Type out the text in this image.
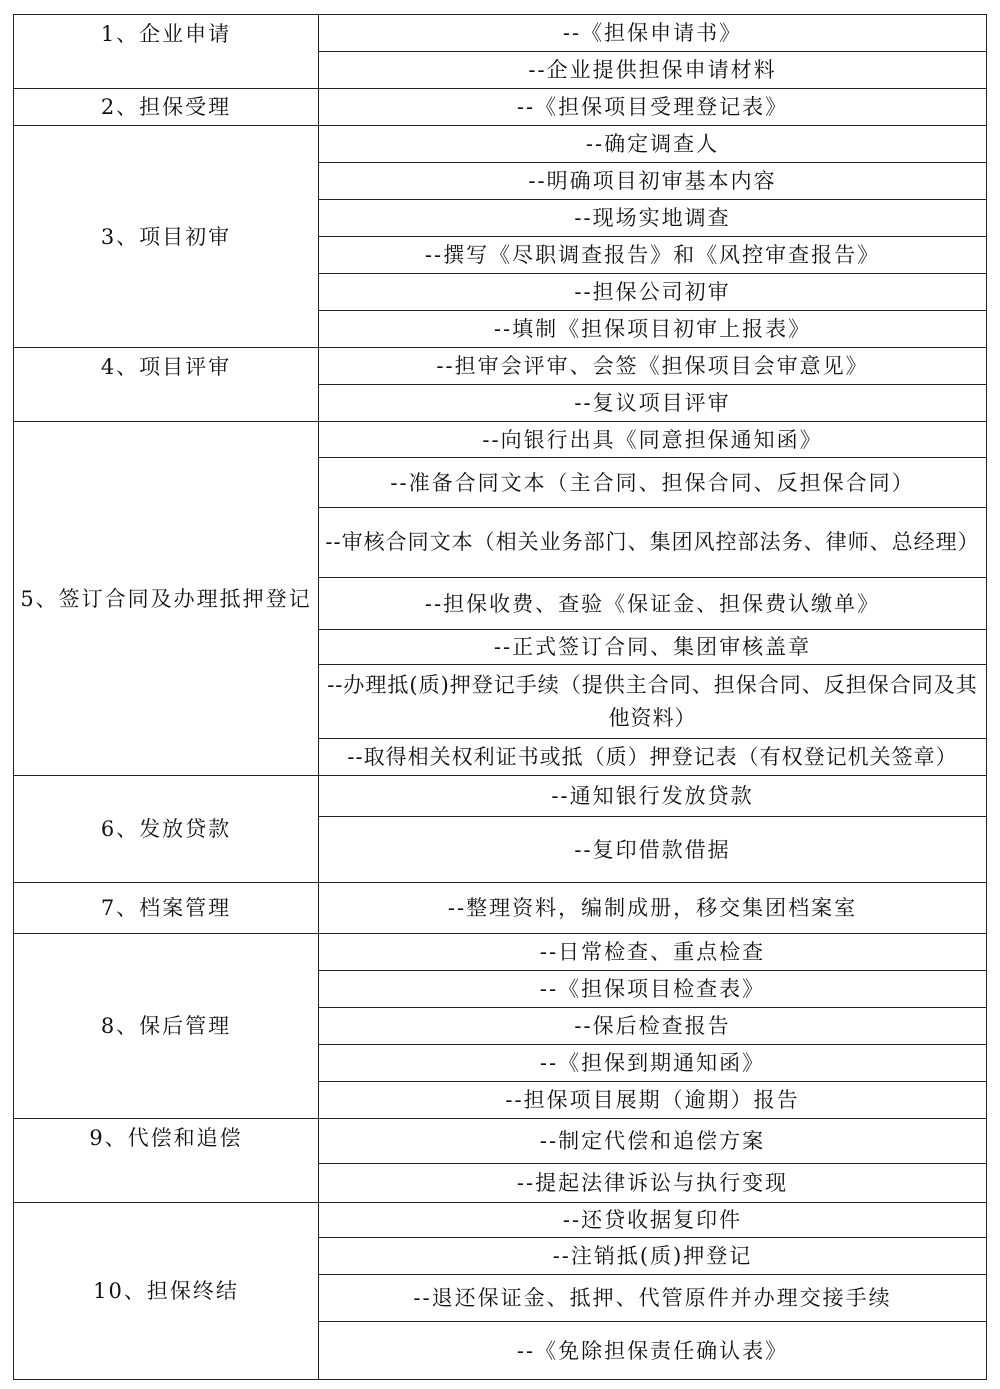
1、企业申请	--《担保申请书》
	--企业提供担保申请材料
2、担保受理	--《担保项目受理登记表》
3、项目初审	--确定调查人
	--明确项目初审基本内容
	--现场实地调查
	--撰写《尽职调查报告》和《风控审查报告》
	--担保公司初审
	--填制《担保项目初审上报表》
4、项目评审	--担审会评审、会签《担保项目会审意见》
	--复议项目评审
5、签订合同及办理抵押登记	--向银行出具《同意担保通知函》
	--准备合同文本（主合同、担保合同、反担保合同）
	--审核合同文本（相关业务部门、集团风控部法务、律师、总经理）
	--担保收费、查验《保证金、担保费认缴单》
	--正式签订合同、集团审核盖章
	--办理抵(质)押登记手续（提供主合同、担保合同、反担保合同及其他资料）
	--取得相关权利证书或抵（质）押登记表（有权登记机关签章）
6、发放贷款	--通知银行发放贷款
	--复印借款借据
7、档案管理	--整理资料，编制成册，移交集团档案室
8、保后管理	--日常检查、重点检查
	--《担保项目检查表》
	--保后检查报告
	--《担保到期通知函》
	--担保项目展期（逾期）报告
9、代偿和追偿	--制定代偿和追偿方案
	--提起法律诉讼与执行变现
10、担保终结	--还贷收据复印件
	--注销抵(质)押登记
	--退还保证金、抵押、代管原件并办理交接手续
	--《免除担保责任确认表》
